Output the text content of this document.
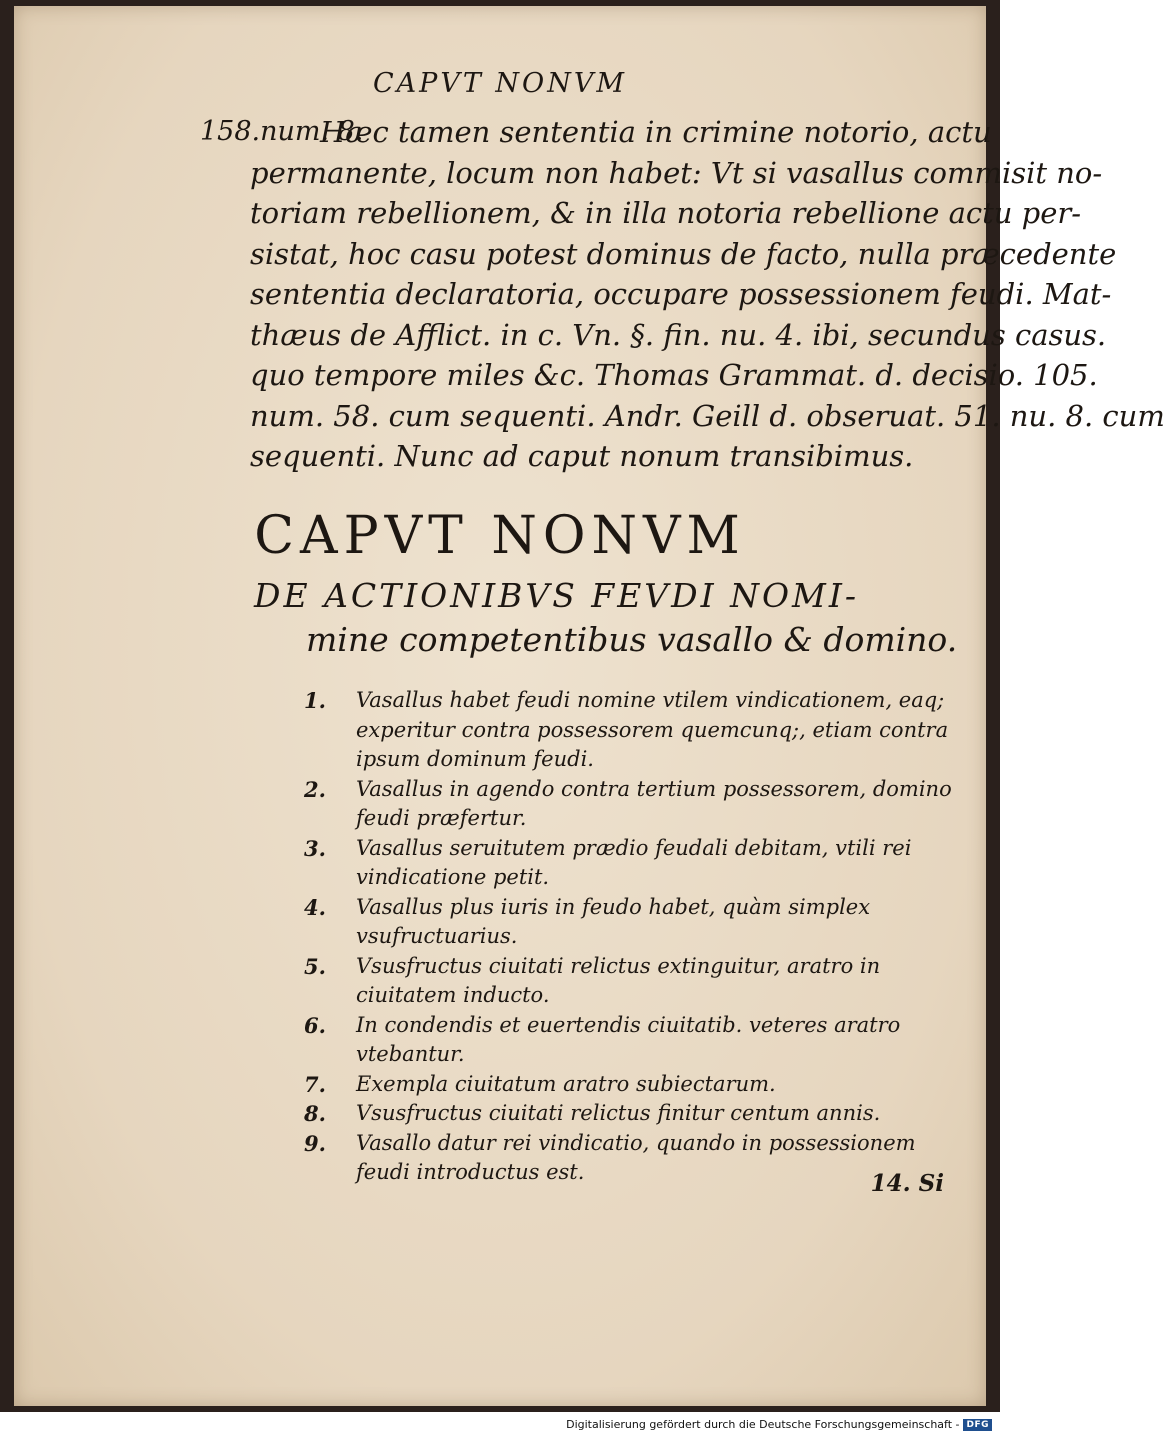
CAPVT NONVM
158.num. 8.
Hæc tamen sententia in crimine notorio, actu
permanente, locum non habet: Vt si vasallus commisit no-
toriam rebellionem, & in illa notoria rebellione actu per-
sistat, hoc casu potest dominus de facto, nulla præcedente
sententia declaratoria, occupare possessionem feudi. Mat-
thæus de Afflict. in c. Vn. §. fin. nu. 4. ibi, secundus casus.
quo tempore miles &c. Thomas Grammat. d. decisio. 105.
num. 58. cum sequenti. Andr. Geill d. obseruat. 51. nu. 8. cum
sequenti. Nunc ad caput nonum transibimus.
CAPVT NONVM
DE ACTIONIBVS FEVDI NOMI-
mine competentibus vasallo & domino.
1. Vasallus habet feudi nomine vtilem vindicationem, eaq; experitur contra possessorem quemcunq;, etiam contra ipsum dominum feudi.
2. Vasallus in agendo contra tertium possessorem, domino feudi præfertur.
3. Vasallus seruitutem prædio feudali debitam, vtili rei vindicatione petit.
4. Vasallus plus iuris in feudo habet, quàm simplex vsufructuarius.
5. Vsusfructus ciuitati relictus extinguitur, aratro in ciuitatem inducto.
6. In condendis et euertendis ciuitatib. veteres aratro vtebantur.
7. Exempla ciuitatum aratro subiectarum.
8. Vsusfructus ciuitati relictus finitur centum annis.
9. Vasallo datur rei vindicatio, quando in possessionem feudi introductus est.	14. Si
Digitalisierung gefördert durch die Deutsche Forschungsgemeinschaft - DFG
